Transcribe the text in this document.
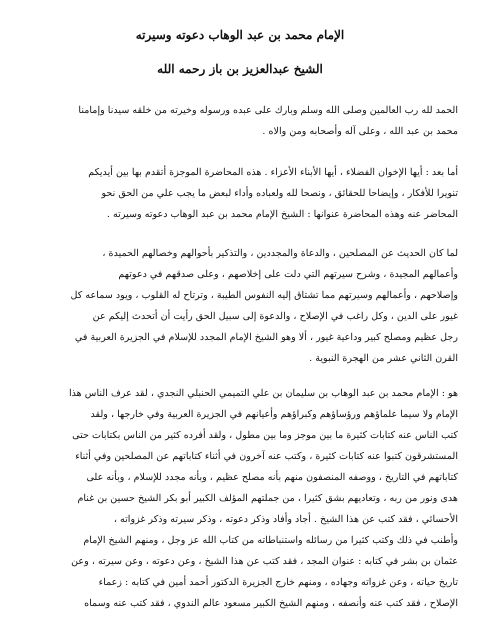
الإمام محمد بن عبد الوهاب دعوته وسيرته
الشيخ عبدالعزيز بن باز رحمه الله
الحمد لله رب العالمين وصلى الله وسلم وبارك على عبده ورسوله وخيرته من خلقه سيدنا وإمامنا
محمد بن عبد الله ، وعلى آله وأصحابه ومن والاه .
أما بعد : أيها الإخوان الفضلاء ، أيها الأبناء الأعزاء . هذه المحاضرة الموجزة أتقدم بها بين أيديكم
تنويرا للأفكار ، وإيضاحا للحقائق ، ونصحا لله ولعباده وأداء لبعض ما يجب علي من الحق نحو
المحاضر عنه وهذه المحاضرة عنوانها : الشيخ الإمام محمد بن عبد الوهاب دعوته وسيرته .
لما كان الحديث عن المصلحين ، والدعاة والمجددين ، والتذكير بأحوالهم وخصالهم الحميدة ،
وأعمالهم المجيدة ، وشرح سيرتهم التي دلت على إخلاصهم ، وعلى صدقهم في دعوتهم
وإصلاحهم ، وأعمالهم وسيرتهم مما تشتاق إليه النفوس الطيبة ، وترتاح له القلوب ، ويود سماعه كل
غيور على الدين ، وكل راغب في الإصلاح ، والدعوة إلى سبيل الحق رأيت أن أتحدث إليكم عن
رجل عظيم ومصلح كبير وداعية غيور ، ألا وهو الشيخ الإمام المجدد للإسلام في الجزيرة العربية في
القرن الثاني عشر من الهجرة النبوية .
هو : الإمام محمد بن عبد الوهاب بن سليمان بن علي التميمي الحنبلي النجدي ، لقد عرف الناس هذا
الإمام ولا سيما علماؤهم ورؤساؤهم وكبراؤهم وأعيانهم في الجزيرة العربية وفي خارجها ، ولقد
كتب الناس عنه كتابات كثيرة ما بين موجز وما بين مطول ، ولقد أفرده كثير من الناس بكتابات حتى
المستشرقون كتبوا عنه كتابات كثيرة ، وكتب عنه آخرون في أثناء كتاباتهم عن المصلحين وفي أثناء
كتاباتهم في التاريخ ، ووصفه المنصفون منهم بأنه مصلح عظيم ، وبأنه مجدد للإسلام ، وبأنه على
هدى ونور من ربه ، وتعاديهم بشق كثيرا ، من جملتهم المؤلف الكبير أبو بكر الشيخ حسين بن غنام
الأحسائي ، فقد كتب عن هذا الشيخ . أجاد وأفاد وذكر دعوته ، وذكر سيرته وذكر غزواته ،
وأطنب في ذلك وكتب كثيرا من رسائله واستنباطاته من كتاب الله عز وجل ، ومنهم الشيخ الإمام
عثمان بن بشر في كتابه : عنوان المجد ، فقد كتب عن هذا الشيخ ، وعن دعوته ، وعن سيرته ، وعن
تاريخ حياته ، وعن غزواته وجهاده ، ومنهم خارج الجزيرة الدكتور أحمد أمين في كتابه : زعماء
الإصلاح ، فقد كتب عنه وأنصفه ، ومنهم الشيخ الكبير مسعود عالم الندوي ، فقد كتب عنه وسماه
